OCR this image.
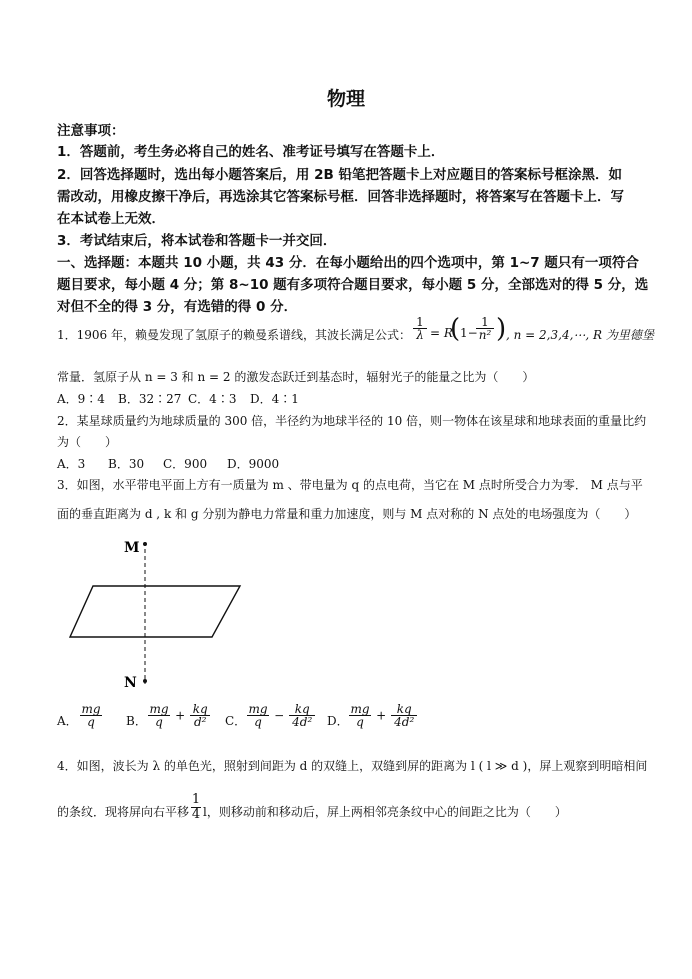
物理
注意事项：
1．答题前，考生务必将自己的姓名、准考证号填写在答题卡上．
2．回答选择题时，选出每小题答案后，用 2B 铅笔把答题卡上对应题目的答案标号框涂黑．如
需改动，用橡皮擦干净后，再选涂其它答案标号框．回答非选择题时，将答案写在答题卡上．写
在本试卷上无效．
3．考试结束后，将本试卷和答题卡一并交回．
一、选择题：本题共 10 小题，共 43 分．在每小题给出的四个选项中，第 1~7 题只有一项符合
题目要求，每小题 4 分；第 8~10 题有多项符合题目要求，每小题 5 分，全部选对的得 5 分，选
对但不全的得 3 分，有选错的得 0 分．
1．1906 年，赖曼发现了氢原子的赖曼系谱线，其波长满足公式： $\frac{1}{\lambda} = R$
( 1−
$\frac{1}{\text{n²}}$ ) , n = 2,3,4,⋯, R 为里德堡
常量．氢原子从 n = 3 和 n = 2 的激发态跃迁到基态时，辐射光子的能量之比为（　　）
A．9∶4 B．32∶27 C．4∶3 D．4∶1
2．某星球质量约为地球质量的 300 倍，半径约为地球半径的 10 倍，则一物体在该星球和地球表面的重量比约
为（　　）
A．3 B．30 C．900 D．9000
3．如图，水平带电平面上方有一质量为 m 、带电量为 q 的点电荷，当它在 M 点时所受合力为零． M 点与平
面的垂直距离为 d , k 和 g 分别为静电力常量和重力加速度，则与 M 点对称的 N 点处的电场强度为（　　）
M
N
A． $\frac{mg}{q}$ B． $\frac{mg}{q} + \frac{kq}{\text{d²}}$ C． $\frac{mg}{q} - \frac{kq}{\text{4d²}}$ D． $\frac{mg}{q} + \frac{kq}{\text{4d²}}$
4．如图，波长为 λ 的单色光，照射到间距为 d 的双缝上，双缝到屏的距离为 l ( l ≫ d )，屏上观察到明暗相间
的条纹．现将屏向右平移 $\frac{1}{4}$ l，则移动前和移动后，屏上两相邻亮条纹中心的间距之比为（　　）
